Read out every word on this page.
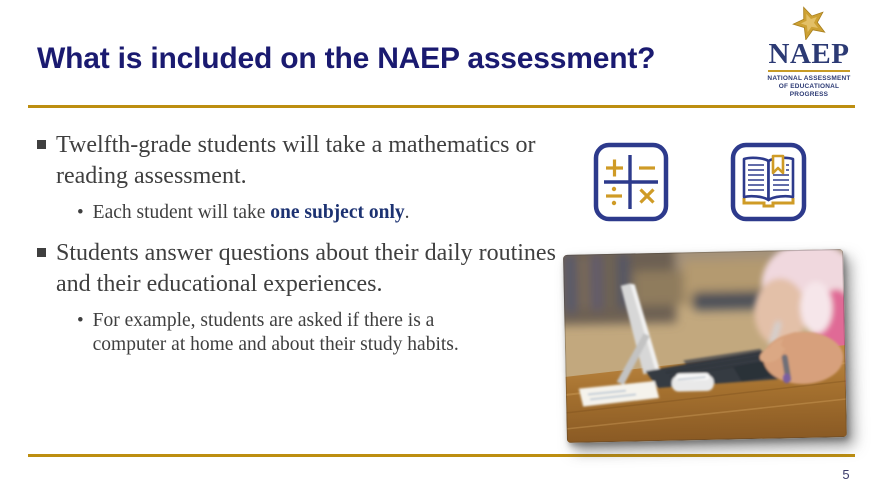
What is included on the NAEP assessment?	NAEP
NATIONAL ASSESSMENT
OF EDUCATIONAL
PROGRESS
Twelfth-grade students will take a mathematics or reading assessment.
• Each student will take one subject only.
Students answer questions about their daily routines and their educational experiences.
• For example, students are asked if there is a computer at home and about their study habits.
5
